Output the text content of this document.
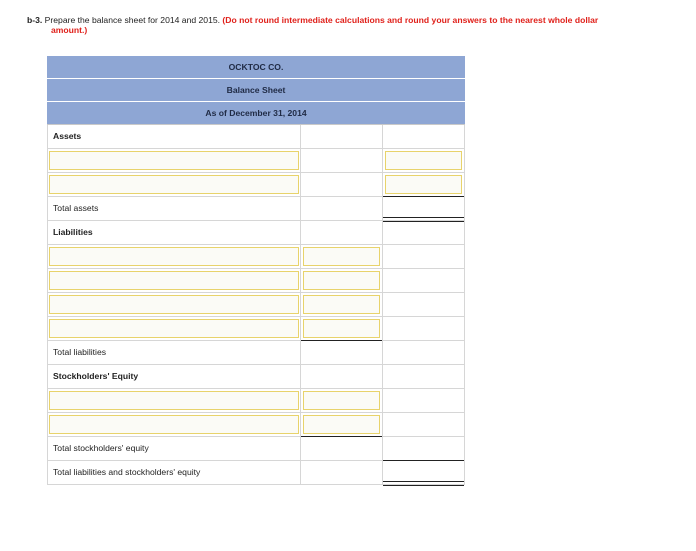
b-3. Prepare the balance sheet for 2014 and 2015. (Do not round intermediate calculations and round your answers to the nearest whole dollar
amount.)
OCKTOC CO.
Balance Sheet
As of December 31, 2014
Assets
Total assets
Liabilities
Total liabilities
Stockholders' Equity
Total stockholders' equity
Total liabilities and stockholders' equity
